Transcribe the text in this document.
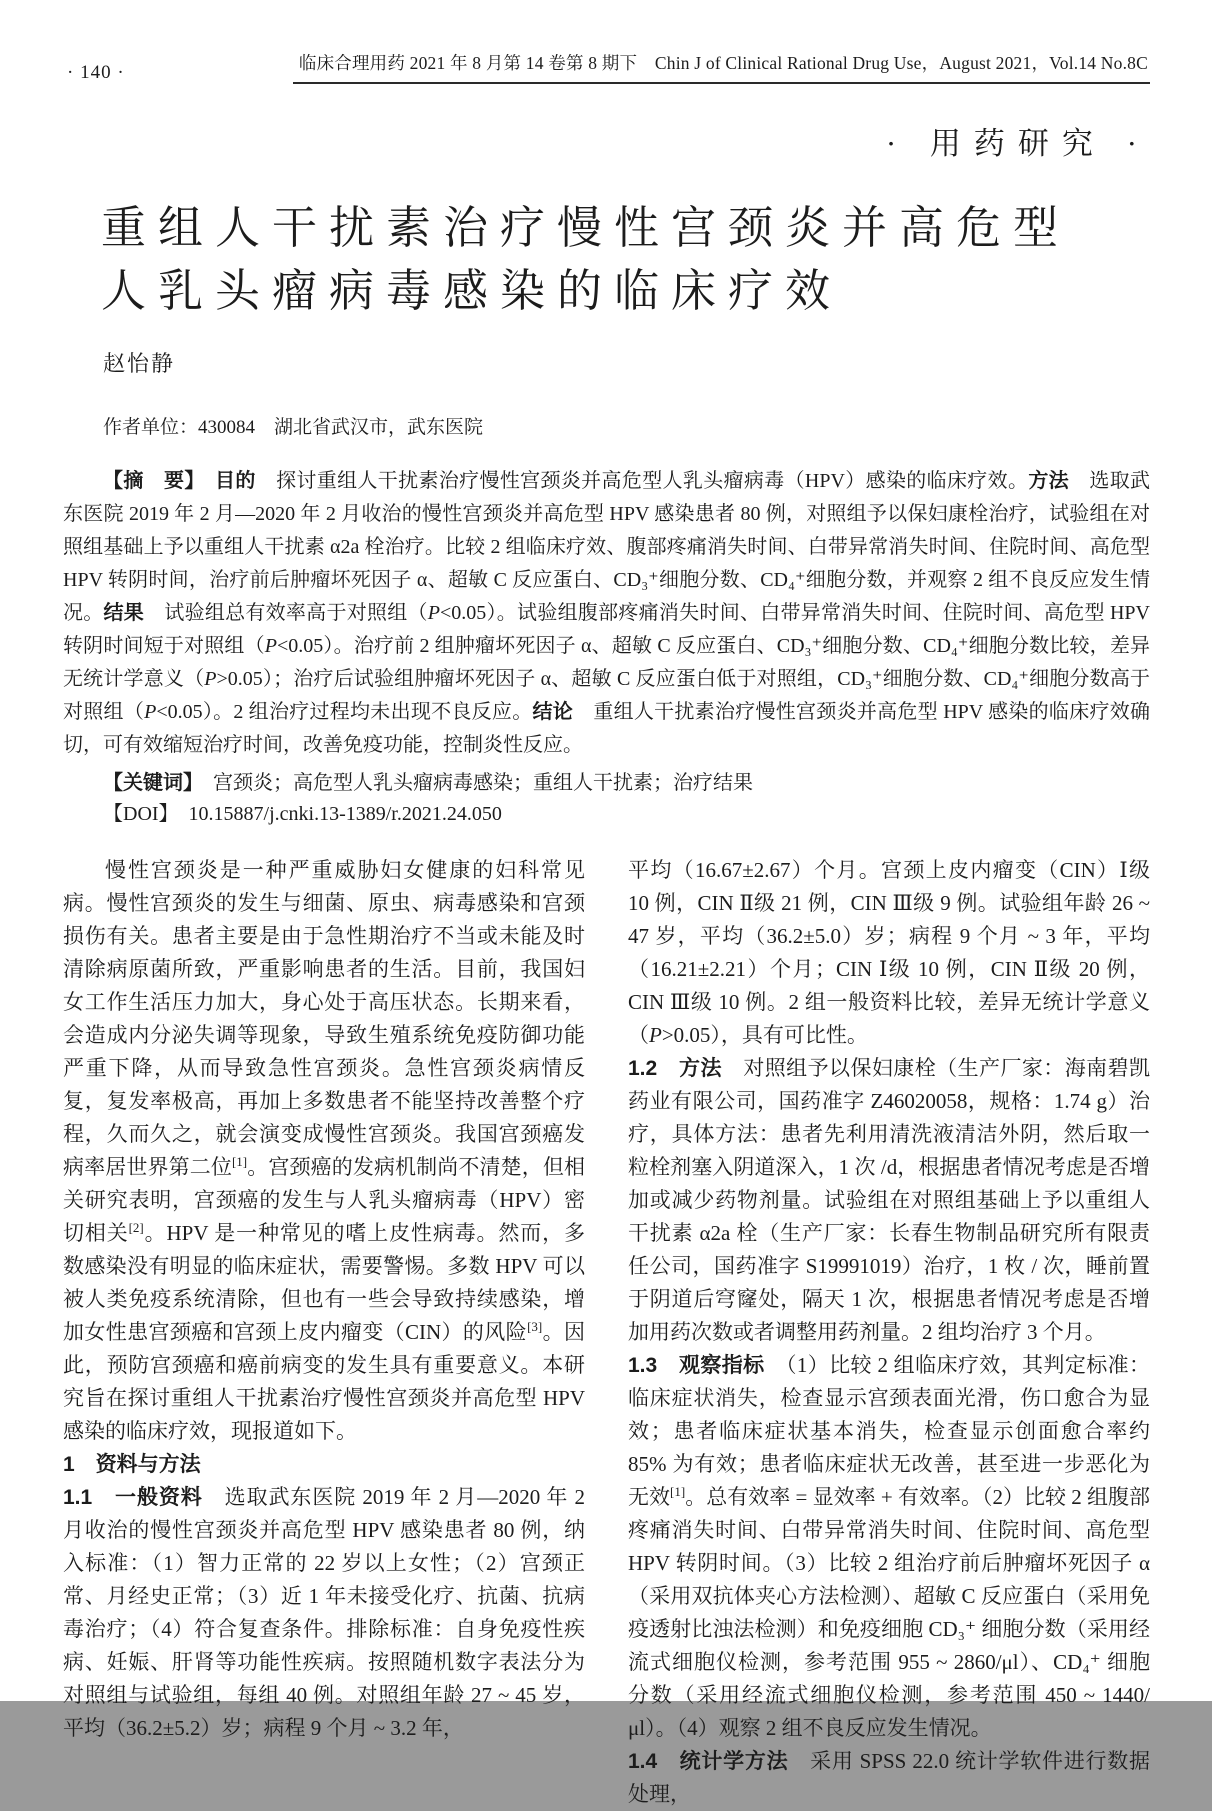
· 140 ·	临床合理用药 2021 年 8 月第 14 卷第 8 期下　Chin J of Clinical Rational Drug Use，August 2021，Vol.14 No.8C
· 用药研究 ·
重组人干扰素治疗慢性宫颈炎并高危型
人乳头瘤病毒感染的临床疗效
赵怡静
作者单位：430084　湖北省武汉市，武东医院

【摘　要】　目的　探讨重组人干扰素治疗慢性宫颈炎并高危型人乳头瘤病毒（HPV）感染的临床疗效。方法　选取武东医院 2019 年 2 月—2020 年 2 月收治的慢性宫颈炎并高危型 HPV 感染患者 80 例，对照组予以保妇康栓治疗，试验组在对照组基础上予以重组人干扰素 α2a 栓治疗。比较 2 组临床疗效、腹部疼痛消失时间、白带异常消失时间、住院时间、高危型 HPV 转阴时间，治疗前后肿瘤坏死因子 α、超敏 C 反应蛋白、CD₃⁺细胞分数、CD₄⁺细胞分数，并观察 2 组不良反应发生情况。结果　试验组总有效率高于对照组（P<0.05）。试验组腹部疼痛消失时间、白带异常消失时间、住院时间、高危型 HPV 转阴时间短于对照组（P<0.05）。治疗前 2 组肿瘤坏死因子 α、超敏 C 反应蛋白、CD₃⁺细胞分数、CD₄⁺细胞分数比较，差异无统计学意义（P>0.05）；治疗后试验组肿瘤坏死因子 α、超敏 C 反应蛋白低于对照组，CD₃⁺细胞分数、CD₄⁺细胞分数高于对照组（P<0.05）。2 组治疗过程均未出现不良反应。结论　重组人干扰素治疗慢性宫颈炎并高危型 HPV 感染的临床疗效确切，可有效缩短治疗时间，改善免疫功能，控制炎性反应。

【关键词】　宫颈炎；高危型人乳头瘤病毒感染；重组人干扰素；治疗结果

【DOI】　10.15887/j.cnki.13-1389/r.2021.24.050

慢性宫颈炎是一种严重威胁妇女健康的妇科常见病。慢性宫颈炎的发生与细菌、原虫、病毒感染和宫颈损伤有关。患者主要是由于急性期治疗不当或未能及时清除病原菌所致，严重影响患者的生活。目前，我国妇女工作生活压力加大，身心处于高压状态。长期来看，会造成内分泌失调等现象，导致生殖系统免疫防御功能严重下降，从而导致急性宫颈炎。急性宫颈炎病情反复，复发率极高，再加上多数患者不能坚持改善整个疗程，久而久之，就会演变成慢性宫颈炎。我国宫颈癌发病率居世界第二位[1]。宫颈癌的发病机制尚不清楚，但相关研究表明，宫颈癌的发生与人乳头瘤病毒（HPV）密切相关[2]。HPV 是一种常见的嗜上皮性病毒。然而，多数感染没有明显的临床症状，需要警惕。多数 HPV 可以被人类免疫系统清除，但也有一些会导致持续感染，增加女性患宫颈癌和宫颈上皮内瘤变（CIN）的风险[3]。因此，预防宫颈癌和癌前病变的发生具有重要意义。本研究旨在探讨重组人干扰素治疗慢性宫颈炎并高危型 HPV 感染的临床疗效，现报道如下。

1　资料与方法

1.1　一般资料　选取武东医院 2019 年 2 月—2020 年 2 月收治的慢性宫颈炎并高危型 HPV 感染患者 80 例，纳入标准：（1）智力正常的 22 岁以上女性；（2）宫颈正常、月经史正常；（3）近 1 年未接受化疗、抗菌、抗病毒治疗；（4）符合复查条件。排除标准：自身免疫性疾病、妊娠、肝肾等功能性疾病。按照随机数字表法分为对照组与试验组，每组 40 例。对照组年龄 27 ~ 45 岁，平均（36.2±5.2）岁；病程 9 个月 ~ 3.2 年，

平均（16.67±2.67）个月。宫颈上皮内瘤变（CIN）Ⅰ级 10 例，CIN Ⅱ级 21 例，CIN Ⅲ级 9 例。试验组年龄 26 ~ 47 岁，平均（36.2±5.0）岁；病程 9 个月 ~ 3 年，平均（16.21±2.21）个月；CIN Ⅰ级 10 例，CIN Ⅱ级 20 例，CIN Ⅲ级 10 例。2 组一般资料比较，差异无统计学意义（P>0.05），具有可比性。

1.2　方法　对照组予以保妇康栓（生产厂家：海南碧凯药业有限公司，国药准字 Z46020058，规格：1.74 g）治疗，具体方法：患者先利用清洗液清洁外阴，然后取一粒栓剂塞入阴道深入，1 次 /d，根据患者情况考虑是否增加或减少药物剂量。试验组在对照组基础上予以重组人干扰素 α2a 栓（生产厂家：长春生物制品研究所有限责任公司，国药准字 S19991019）治疗，1 枚 / 次，睡前置于阴道后穹窿处，隔天 1 次，根据患者情况考虑是否增加用药次数或者调整用药剂量。2 组均治疗 3 个月。

1.3　观察指标　（1）比较 2 组临床疗效，其判定标准：临床症状消失，检查显示宫颈表面光滑，伤口愈合为显效；患者临床症状基本消失，检查显示创面愈合率约 85% 为有效；患者临床症状无改善，甚至进一步恶化为无效[1]。总有效率 = 显效率 + 有效率。（2）比较 2 组腹部疼痛消失时间、白带异常消失时间、住院时间、高危型 HPV 转阴时间。（3）比较 2 组治疗前后肿瘤坏死因子 α（采用双抗体夹心方法检测）、超敏 C 反应蛋白（采用免疫透射比浊法检测）和免疫细胞 CD₃⁺ 细胞分数（采用经流式细胞仪检测，参考范围 955 ~ 2860/μl）、CD₄⁺ 细胞分数（采用经流式细胞仪检测，参考范围 450 ~ 1440/μl）。（4）观察 2 组不良反应发生情况。

1.4　统计学方法　采用 SPSS 22.0 统计学软件进行数据处理，
